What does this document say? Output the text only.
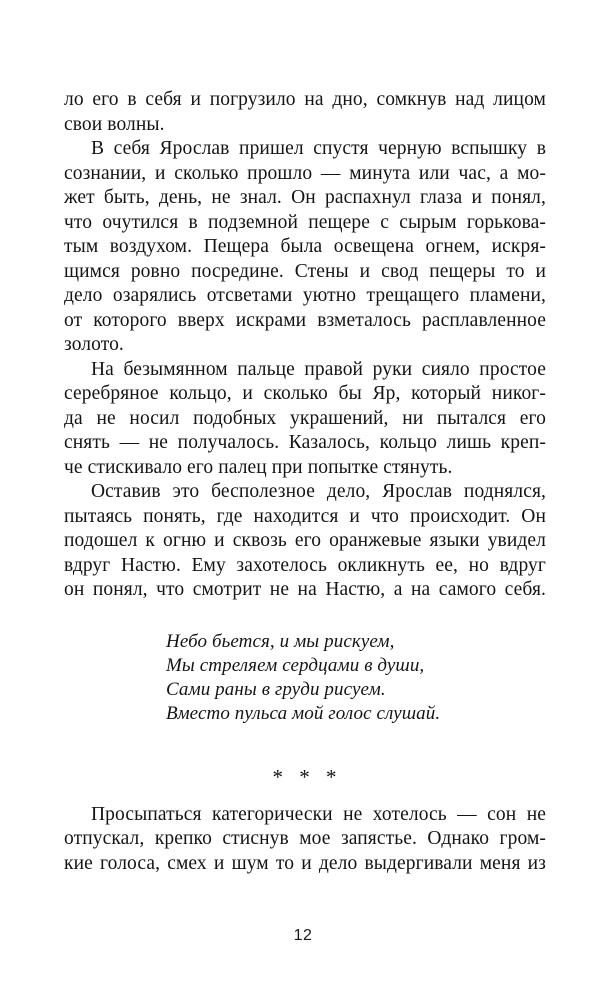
ло его в себя и погрузило на дно, сомкнув над лицом
свои волны.
В себя Ярослав пришел спустя черную вспышку в
сознании, и сколько прошло — минута или час, а мо-
жет быть, день, не знал. Он распахнул глаза и понял,
что очутился в подземной пещере с сырым горькова-
тым воздухом. Пещера была освещена огнем, искря-
щимся ровно посредине. Стены и свод пещеры то и
дело озарялись отсветами уютно трещащего пламени,
от которого вверх искрами взметалось расплавленное
золото.
На безымянном пальце правой руки сияло простое
серебряное кольцо, и сколько бы Яр, который никог-
да не носил подобных украшений, ни пытался его
снять — не получалось. Казалось, кольцо лишь креп-
че стискивало его палец при попытке стянуть.
Оставив это бесполезное дело, Ярослав поднялся,
пытаясь понять, где находится и что происходит. Он
подошел к огню и сквозь его оранжевые языки увидел
вдруг Настю. Ему захотелось окликнуть ее, но вдруг
он понял, что смотрит не на Настю, а на самого себя.
Небо бьется, и мы рискуем,
Мы стреляем сердцами в души,
Сами раны в груди рисуем.
Вместо пульса мой голос слушай.
* * *
Просыпаться категорически не хотелось — сон не
отпускал, крепко стиснув мое запястье. Однако гром-
кие голоса, смех и шум то и дело выдергивали меня из
12
